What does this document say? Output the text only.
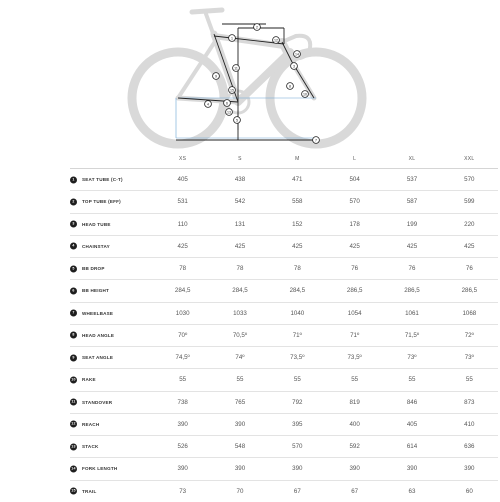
1
2
3
4
5
6
7
8
9
10
11
12
13
14
15
	XS	S	M	L	XL	XXL

1 SEAT TUBE (C-T)	405	438	471	504	537	570

2 TOP TUBE (EFF)	531	542	558	570	587	599

3 HEAD TUBE	110	131	152	178	199	220

4 CHAINSTAY	425	425	425	425	425	425

5 BB DROP	78	78	78	76	76	76

6 BB HEIGHT	284,5	284,5	284,5	286,5	286,5	286,5

7 WHEELBASE	1030	1033	1040	1054	1061	1068

8 HEAD ANGLE	70º	70,5º	71º	71º	71,5º	72º

9 SEAT ANGLE	74,5º	74º	73,5º	73,5º	73º	73º

10 RAKE	55	55	55	55	55	55

11 STANDOVER	738	765	792	819	846	873

12 REACH	390	390	395	400	405	410

13 STACK	526	548	570	592	614	636

14 FORK LENGTH	390	390	390	390	390	390

15 TRAIL	73	70	67	67	63	60
